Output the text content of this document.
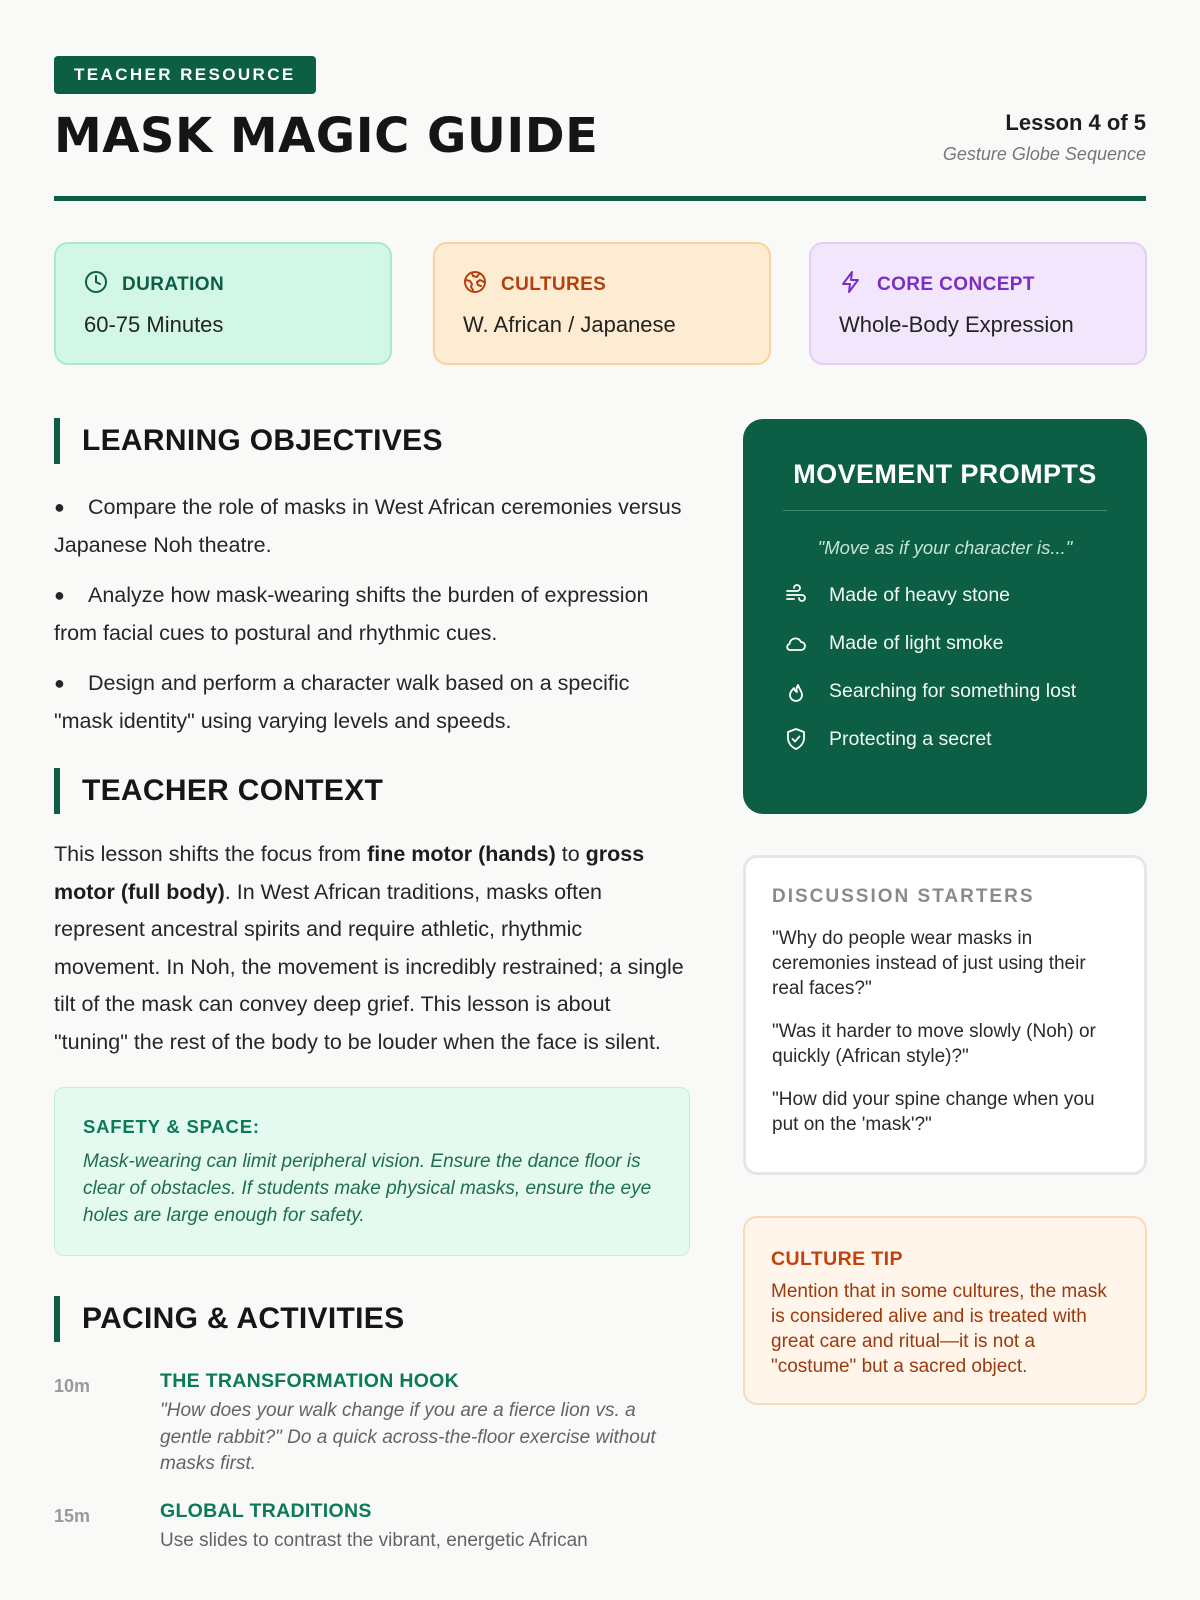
TEACHER RESOURCE
MASK MAGIC GUIDE	Lesson 4 of 5
Gesture Globe Sequence
DURATION
60-75 Minutes
CULTURES
W. African / Japanese
CORE CONCEPT
Whole-Body Expression
LEARNING OBJECTIVES

● Compare the role of masks in West African ceremonies versus Japanese Noh theatre.

● Analyze how mask-wearing shifts the burden of expression from facial cues to postural and rhythmic cues.

● Design and perform a character walk based on a specific "mask identity" using varying levels and speeds.

TEACHER CONTEXT

This lesson shifts the focus from fine motor (hands) to gross motor (full body). In West African traditions, masks often represent ancestral spirits and require athletic, rhythmic movement. In Noh, the movement is incredibly restrained; a single tilt of the mask can convey deep grief. This lesson is about "tuning" the rest of the body to be louder when the face is silent.

SAFETY & SPACE:

Mask-wearing can limit peripheral vision. Ensure the dance floor is clear of obstacles. If students make physical masks, ensure the eye holes are large enough for safety.

PACING & ACTIVITIES
10m	THE TRANSFORMATION HOOK

"How does your walk change if you are a fierce lion vs. a gentle rabbit?" Do a quick across-the-floor exercise without masks first.

15m	GLOBAL TRADITIONS

Use slides to contrast the vibrant, energetic African

MOVEMENT PROMPTS
"Move as if your character is..."
Made of heavy stone
Made of light smoke
Searching for something lost
Protecting a secret
DISCUSSION STARTERS

"Why do people wear masks in ceremonies instead of just using their real faces?"

"Was it harder to move slowly (Noh) or quickly (African style)?"

"How did your spine change when you put on the 'mask'?"

CULTURE TIP

Mention that in some cultures, the mask is considered alive and is treated with great care and ritual—it is not a "costume" but a sacred object.
